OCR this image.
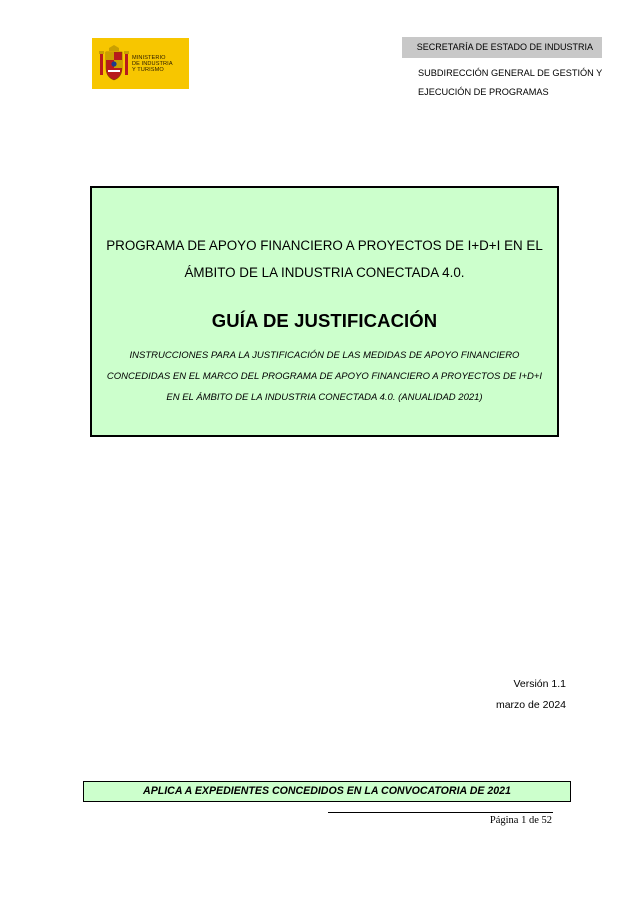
MINISTERIO
DE INDUSTRIA
Y TURISMO
SECRETARÍA DE ESTADO DE INDUSTRIA
SUBDIRECCIÓN GENERAL DE GESTIÓN Y
EJECUCIÓN DE PROGRAMAS
PROGRAMA DE APOYO FINANCIERO A PROYECTOS DE I+D+I EN EL
ÁMBITO DE LA INDUSTRIA CONECTADA 4.0.
GUÍA DE JUSTIFICACIÓN
INSTRUCCIONES PARA LA JUSTIFICACIÓN DE LAS MEDIDAS DE APOYO FINANCIERO
CONCEDIDAS EN EL MARCO DEL PROGRAMA DE APOYO FINANCIERO A PROYECTOS DE I+D+I
EN EL ÁMBITO DE LA INDUSTRIA CONECTADA 4.0. (ANUALIDAD 2021)
Versión 1.1
marzo de 2024
APLICA A EXPEDIENTES CONCEDIDOS EN LA CONVOCATORIA DE 2021
Página 1 de 52
